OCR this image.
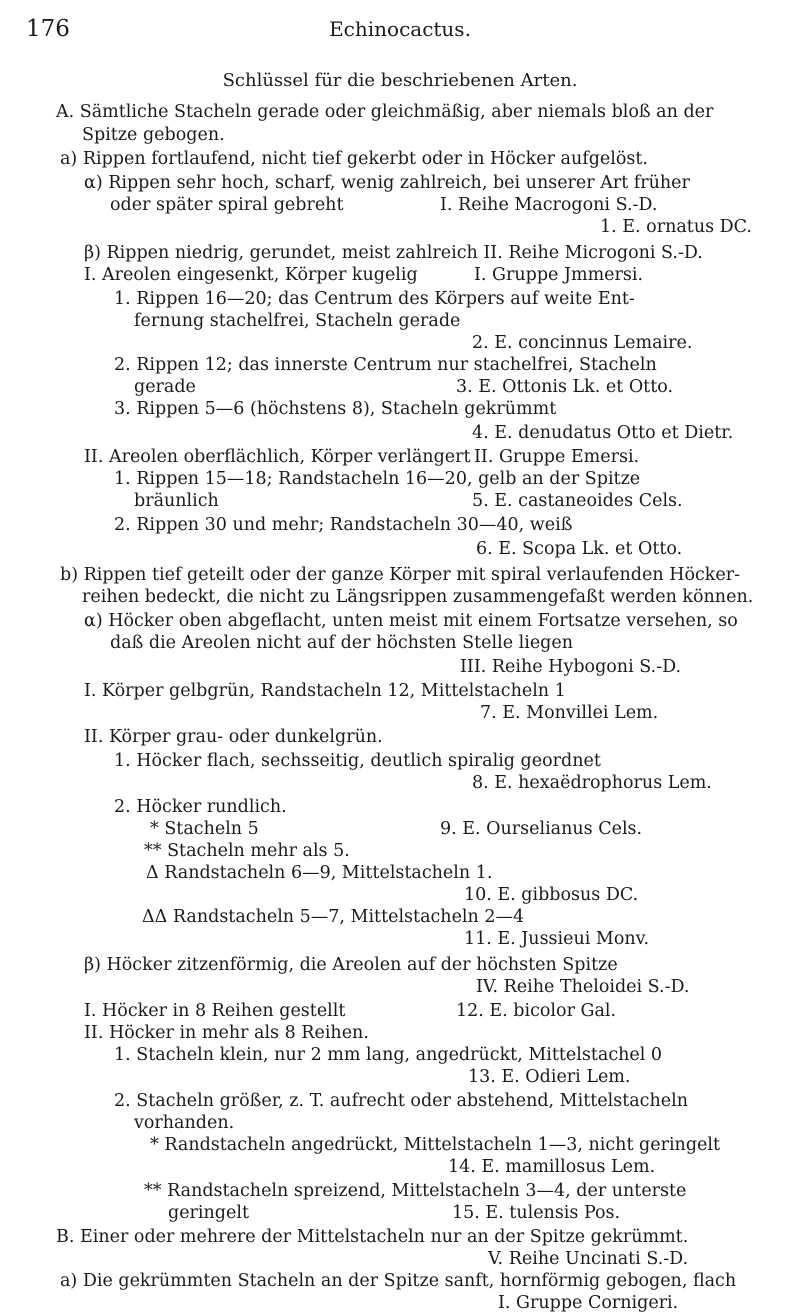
176	Echinocactus.
Schlüssel für die beschriebenen Arten.
A. Sämtliche Stacheln gerade oder gleichmäßig, aber niemals bloß an der
Spitze gebogen.
a) Rippen fortlaufend, nicht tief gekerbt oder in Höcker aufgelöst.
α) Rippen sehr hoch, scharf, wenig zahlreich, bei unserer Art früher
oder später spiral gebreht	I. Reihe Macrogoni S.-D.
1. E. ornatus DC.
β) Rippen niedrig, gerundet, meist zahlreich II. Reihe Microgoni S.-D.
I. Areolen eingesenkt, Körper kugelig	I. Gruppe Jmmersi.
1. Rippen 16—20; das Centrum des Körpers auf weite Ent-
fernung stachelfrei, Stacheln gerade
2. E. concinnus Lemaire.
2. Rippen 12; das innerste Centrum nur stachelfrei, Stacheln
gerade	3. E. Ottonis Lk. et Otto.
3. Rippen 5—6 (höchstens 8), Stacheln gekrümmt
4. E. denudatus Otto et Dietr.
II. Areolen oberflächlich, Körper verlängert II. Gruppe Emersi.
1. Rippen 15—18; Randstacheln 16—20, gelb an der Spitze
bräunlich	5. E. castaneoides Cels.
2. Rippen 30 und mehr; Randstacheln 30—40, weiß
6. E. Scopa Lk. et Otto.
b) Rippen tief geteilt oder der ganze Körper mit spiral verlaufenden Höcker-
reihen bedeckt, die nicht zu Längsrippen zusammengefaßt werden können.
α) Höcker oben abgeflacht, unten meist mit einem Fortsatze versehen, so
daß die Areolen nicht auf der höchsten Stelle liegen
III. Reihe Hybogoni S.-D.
I. Körper gelbgrün, Randstacheln 12, Mittelstacheln 1
7. E. Monvillei Lem.
II. Körper grau- oder dunkelgrün.
1. Höcker flach, sechsseitig, deutlich spiralig geordnet
8. E. hexaëdrophorus Lem.
2. Höcker rundlich.
* Stacheln 5	9. E. Ourselianus Cels.
** Stacheln mehr als 5.
Δ Randstacheln 6—9, Mittelstacheln 1.
10. E. gibbosus DC.
ΔΔ Randstacheln 5—7, Mittelstacheln 2—4
11. E. Jussieui Monv.
β) Höcker zitzenförmig, die Areolen auf der höchsten Spitze
IV. Reihe Theloidei S.-D.
I. Höcker in 8 Reihen gestellt	12. E. bicolor Gal.
II. Höcker in mehr als 8 Reihen.
1. Stacheln klein, nur 2 mm lang, angedrückt, Mittelstachel 0
13. E. Odieri Lem.
2. Stacheln größer, z. T. aufrecht oder abstehend, Mittelstacheln
vorhanden.
* Randstacheln angedrückt, Mittelstacheln 1—3, nicht geringelt
14. E. mamillosus Lem.
** Randstacheln spreizend, Mittelstacheln 3—4, der unterste
geringelt	15. E. tulensis Pos.
B. Einer oder mehrere der Mittelstacheln nur an der Spitze gekrümmt.
V. Reihe Uncinati S.-D.
a) Die gekrümmten Stacheln an der Spitze sanft, hornförmig gebogen, flach
I. Gruppe Cornigeri.
